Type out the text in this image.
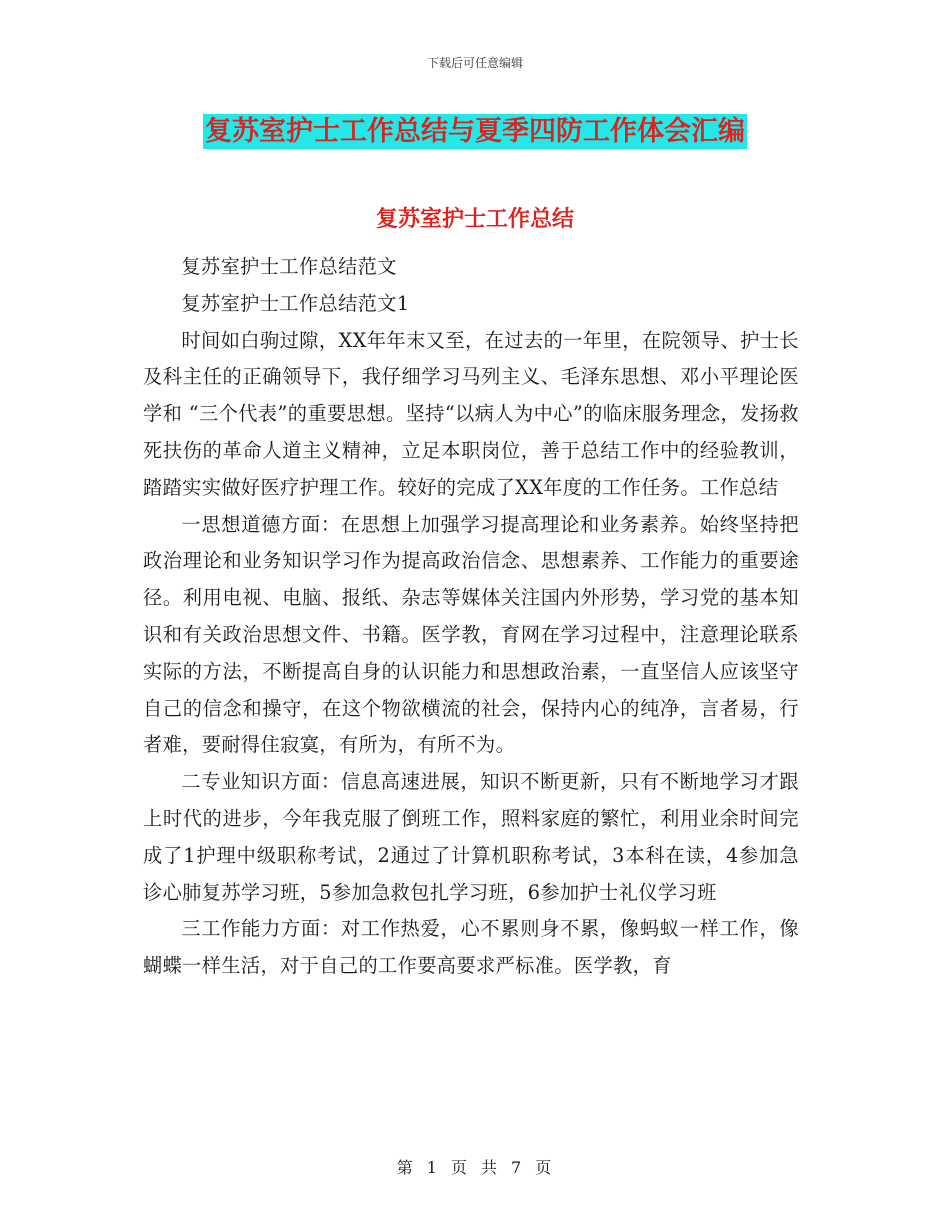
下载后可任意编辑
复苏室护士工作总结与夏季四防工作体会汇编
复苏室护士工作总结

复苏室护士工作总结范文

复苏室护士工作总结范文1

时间如白驹过隙，XX年年末又至，在过去的一年里，在院领导、护士长及科主任的正确领导下，我仔细学习马列主义、毛泽东思想、邓小平理论医学和 “三个代表”的重要思想。坚持“以病人为中心”的临床服务理念，发扬救死扶伤的革命人道主义精神，立足本职岗位，善于总结工作中的经验教训，踏踏实实做好医疗护理工作。较好的完成了XX年度的工作任务。工作总结

一思想道德方面：在思想上加强学习提高理论和业务素养。始终坚持把政治理论和业务知识学习作为提高政治信念、思想素养、工作能力的重要途径。利用电视、电脑、报纸、杂志等媒体关注国内外形势，学习党的基本知识和有关政治思想文件、书籍。医学教，育网在学习过程中，注意理论联系实际的方法，不断提高自身的认识能力和思想政治素，一直坚信人应该坚守自己的信念和操守，在这个物欲横流的社会，保持内心的纯净，言者易，行者难，要耐得住寂寞，有所为，有所不为。

二专业知识方面：信息高速进展，知识不断更新，只有不断地学习才跟上时代的进步，今年我克服了倒班工作，照料家庭的繁忙，利用业余时间完成了1护理中级职称考试，2通过了计算机职称考试，3本科在读，4参加急诊心肺复苏学习班，5参加急救包扎学习班，6参加护士礼仪学习班

三工作能力方面：对工作热爱，心不累则身不累，像蚂蚁一样工作，像蝴蝶一样生活，对于自己的工作要高要求严标准。医学教，育

第 1 页 共 7 页
